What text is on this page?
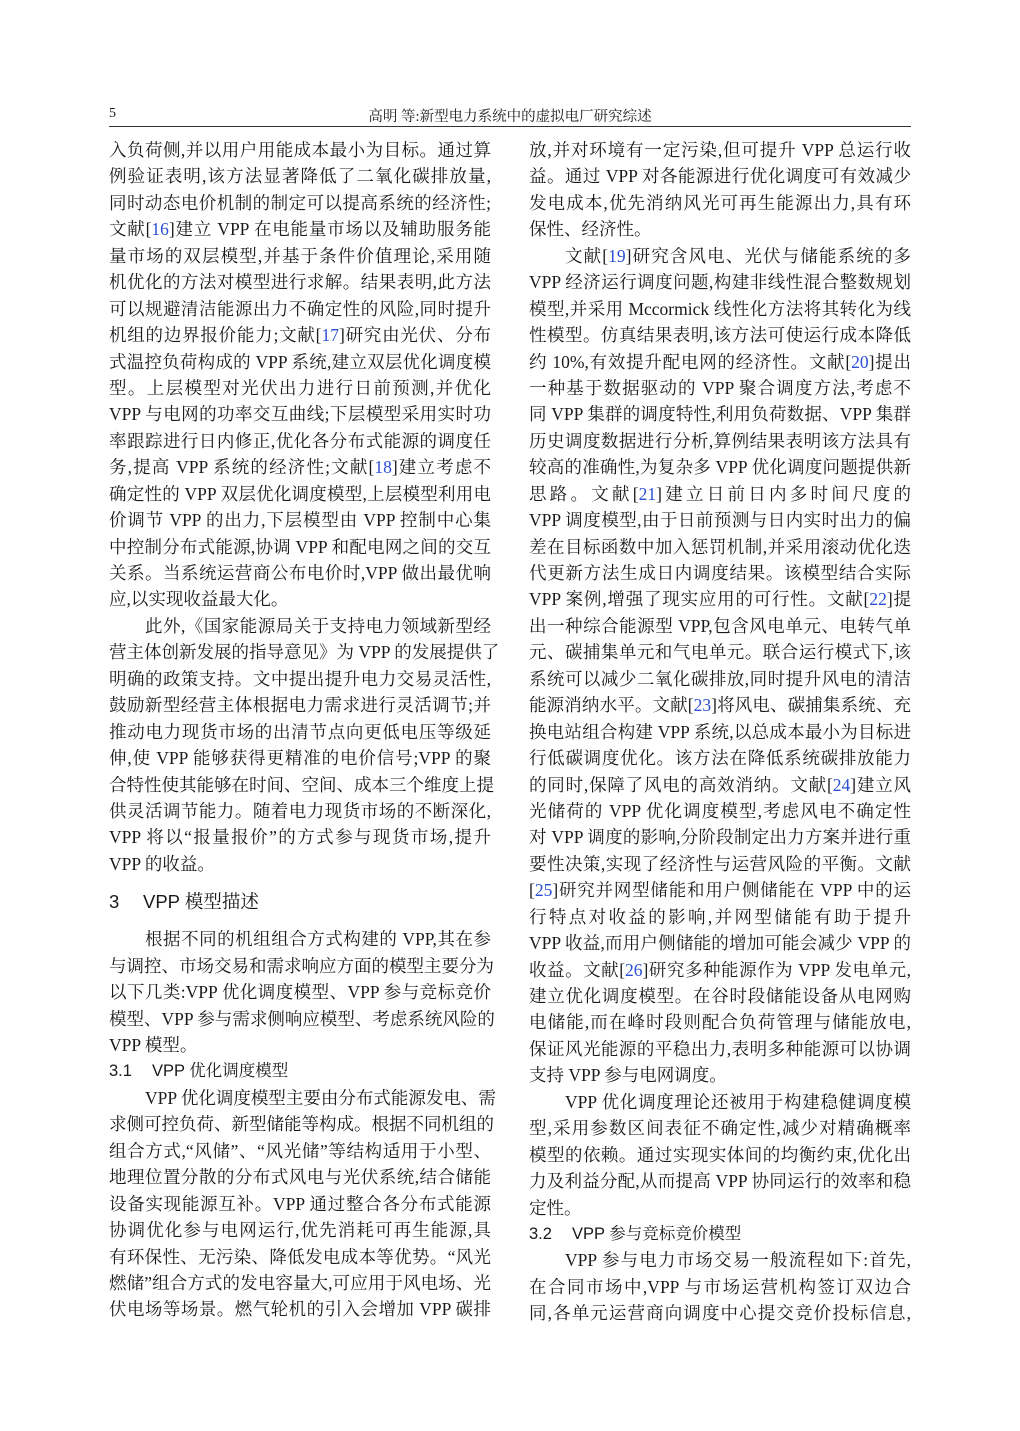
5	高明 等:新型电力系统中的虚拟电厂研究综述
入负荷侧,并以用户用能成本最小为目标。通过算
例验证表明,该方法显著降低了二氧化碳排放量,
同时动态电价机制的制定可以提高系统的经济性;
文献[16]建立 VPP 在电能量市场以及辅助服务能
量市场的双层模型,并基于条件价值理论,采用随
机优化的方法对模型进行求解。结果表明,此方法
可以规避清洁能源出力不确定性的风险,同时提升
机组的边界报价能力;文献[17]研究由光伏、分布
式温控负荷构成的 VPP 系统,建立双层优化调度模
型。上层模型对光伏出力进行日前预测,并优化
VPP 与电网的功率交互曲线;下层模型采用实时功
率跟踪进行日内修正,优化各分布式能源的调度任
务,提高 VPP 系统的经济性;文献[18]建立考虑不
确定性的 VPP 双层优化调度模型,上层模型利用电
价调节 VPP 的出力,下层模型由 VPP 控制中心集
中控制分布式能源,协调 VPP 和配电网之间的交互
关系。当系统运营商公布电价时,VPP 做出最优响
应,以实现收益最大化。
此外,《国家能源局关于支持电力领域新型经
营主体创新发展的指导意见》为 VPP 的发展提供了
明确的政策支持。文中提出提升电力交易灵活性,
鼓励新型经营主体根据电力需求进行灵活调节;并
推动电力现货市场的出清节点向更低电压等级延
伸,使 VPP 能够获得更精准的电价信号;VPP 的聚
合特性使其能够在时间、空间、成本三个维度上提
供灵活调节能力。随着电力现货市场的不断深化,
VPP 将以“报量报价”的方式参与现货市场,提升
VPP 的收益。
3 VPP 模型描述
根据不同的机组组合方式构建的 VPP,其在参
与调控、市场交易和需求响应方面的模型主要分为
以下几类:VPP 优化调度模型、VPP 参与竞标竞价
模型、VPP 参与需求侧响应模型、考虑系统风险的
VPP 模型。
3.1 VPP 优化调度模型
VPP 优化调度模型主要由分布式能源发电、需
求侧可控负荷、新型储能等构成。根据不同机组的
组合方式,“风储”、“风光储”等结构适用于小型、
地理位置分散的分布式风电与光伏系统,结合储能
设备实现能源互补。VPP 通过整合各分布式能源
协调优化参与电网运行,优先消耗可再生能源,具
有环保性、无污染、降低发电成本等优势。“风光
燃储”组合方式的发电容量大,可应用于风电场、光
伏电场等场景。燃气轮机的引入会增加 VPP 碳排
放,并对环境有一定污染,但可提升 VPP 总运行收
益。通过 VPP 对各能源进行优化调度可有效减少
发电成本,优先消纳风光可再生能源出力,具有环
保性、经济性。
文献[19]研究含风电、光伏与储能系统的多
VPP 经济运行调度问题,构建非线性混合整数规划
模型,并采用 Mccormick 线性化方法将其转化为线
性模型。仿真结果表明,该方法可使运行成本降低
约 10%,有效提升配电网的经济性。文献[20]提出
一种基于数据驱动的 VPP 聚合调度方法,考虑不
同 VPP 集群的调度特性,利用负荷数据、VPP 集群
历史调度数据进行分析,算例结果表明该方法具有
较高的准确性,为复杂多 VPP 优化调度问题提供新
思路。文献[21]建立日前日内多时间尺度的
VPP 调度模型,由于日前预测与日内实时出力的偏
差在目标函数中加入惩罚机制,并采用滚动优化迭
代更新方法生成日内调度结果。该模型结合实际
VPP 案例,增强了现实应用的可行性。文献[22]提
出一种综合能源型 VPP,包含风电单元、电转气单
元、碳捕集单元和气电单元。联合运行模式下,该
系统可以减少二氧化碳排放,同时提升风电的清洁
能源消纳水平。文献[23]将风电、碳捕集系统、充
换电站组合构建 VPP 系统,以总成本最小为目标进
行低碳调度优化。该方法在降低系统碳排放能力
的同时,保障了风电的高效消纳。文献[24]建立风
光储荷的 VPP 优化调度模型,考虑风电不确定性
对 VPP 调度的影响,分阶段制定出力方案并进行重
要性决策,实现了经济性与运营风险的平衡。文献
[25]研究并网型储能和用户侧储能在 VPP 中的运
行特点对收益的影响,并网型储能有助于提升
VPP 收益,而用户侧储能的增加可能会减少 VPP 的
收益。文献[26]研究多种能源作为 VPP 发电单元,
建立优化调度模型。在谷时段储能设备从电网购
电储能,而在峰时段则配合负荷管理与储能放电,
保证风光能源的平稳出力,表明多种能源可以协调
支持 VPP 参与电网调度。
VPP 优化调度理论还被用于构建稳健调度模
型,采用参数区间表征不确定性,减少对精确概率
模型的依赖。通过实现实体间的均衡约束,优化出
力及利益分配,从而提高 VPP 协同运行的效率和稳
定性。
3.2 VPP 参与竞标竞价模型
VPP 参与电力市场交易一般流程如下:首先,
在合同市场中,VPP 与市场运营机构签订双边合
同,各单元运营商向调度中心提交竞价投标信息,
